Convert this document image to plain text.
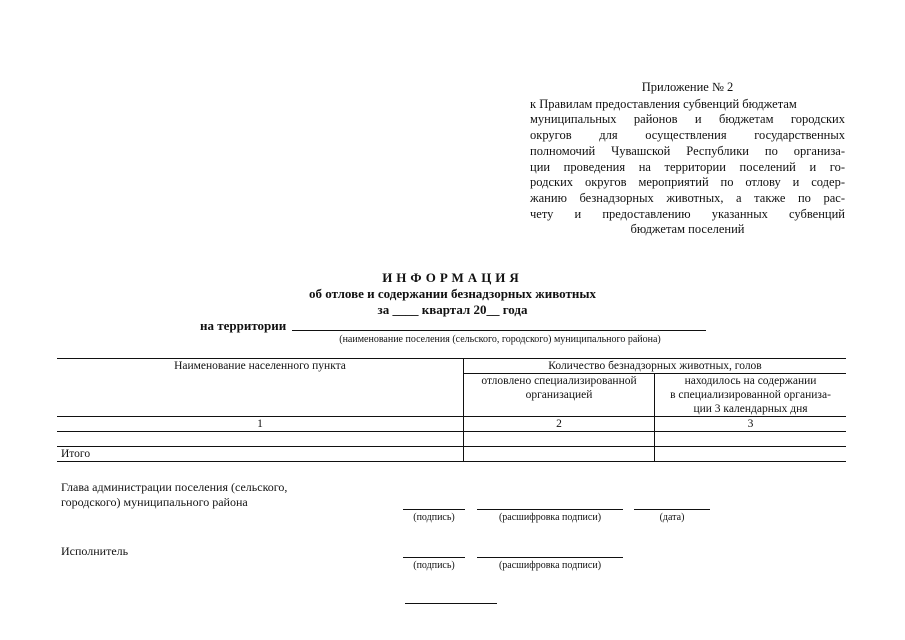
Приложение № 2

к Правилам предоставления субвенций бюджетам

муниципальных районов и бюджетам городских

округов для осуществления государственных

полномочий Чувашской Республики по организа-

ции проведения на территории поселений и го-

родских округов мероприятий по отлову и содер-

жанию безнадзорных животных, а также по рас-

чету и предоставлению указанных субвенций

бюджетам поселений

ИНФОРМАЦИЯ
об отлове и содержании безнадзорных животных
за ____ квартал 20__ года
на территории
(наименование поселения (сельского, городского) муниципального района)
Наименование населенного пункта	Количество безнадзорных животных, голов	
	отловлено специализированной организацией	находилось на содержании
в специализированной организа-
ции 3 календарных дня
1	2	3

Итого		
Глава администрации поселения (сельского,
городского) муниципального района
(подпись)	(расшифровка подписи)	(дата)
Исполнитель
(подпись)	(расшифровка подписи)
